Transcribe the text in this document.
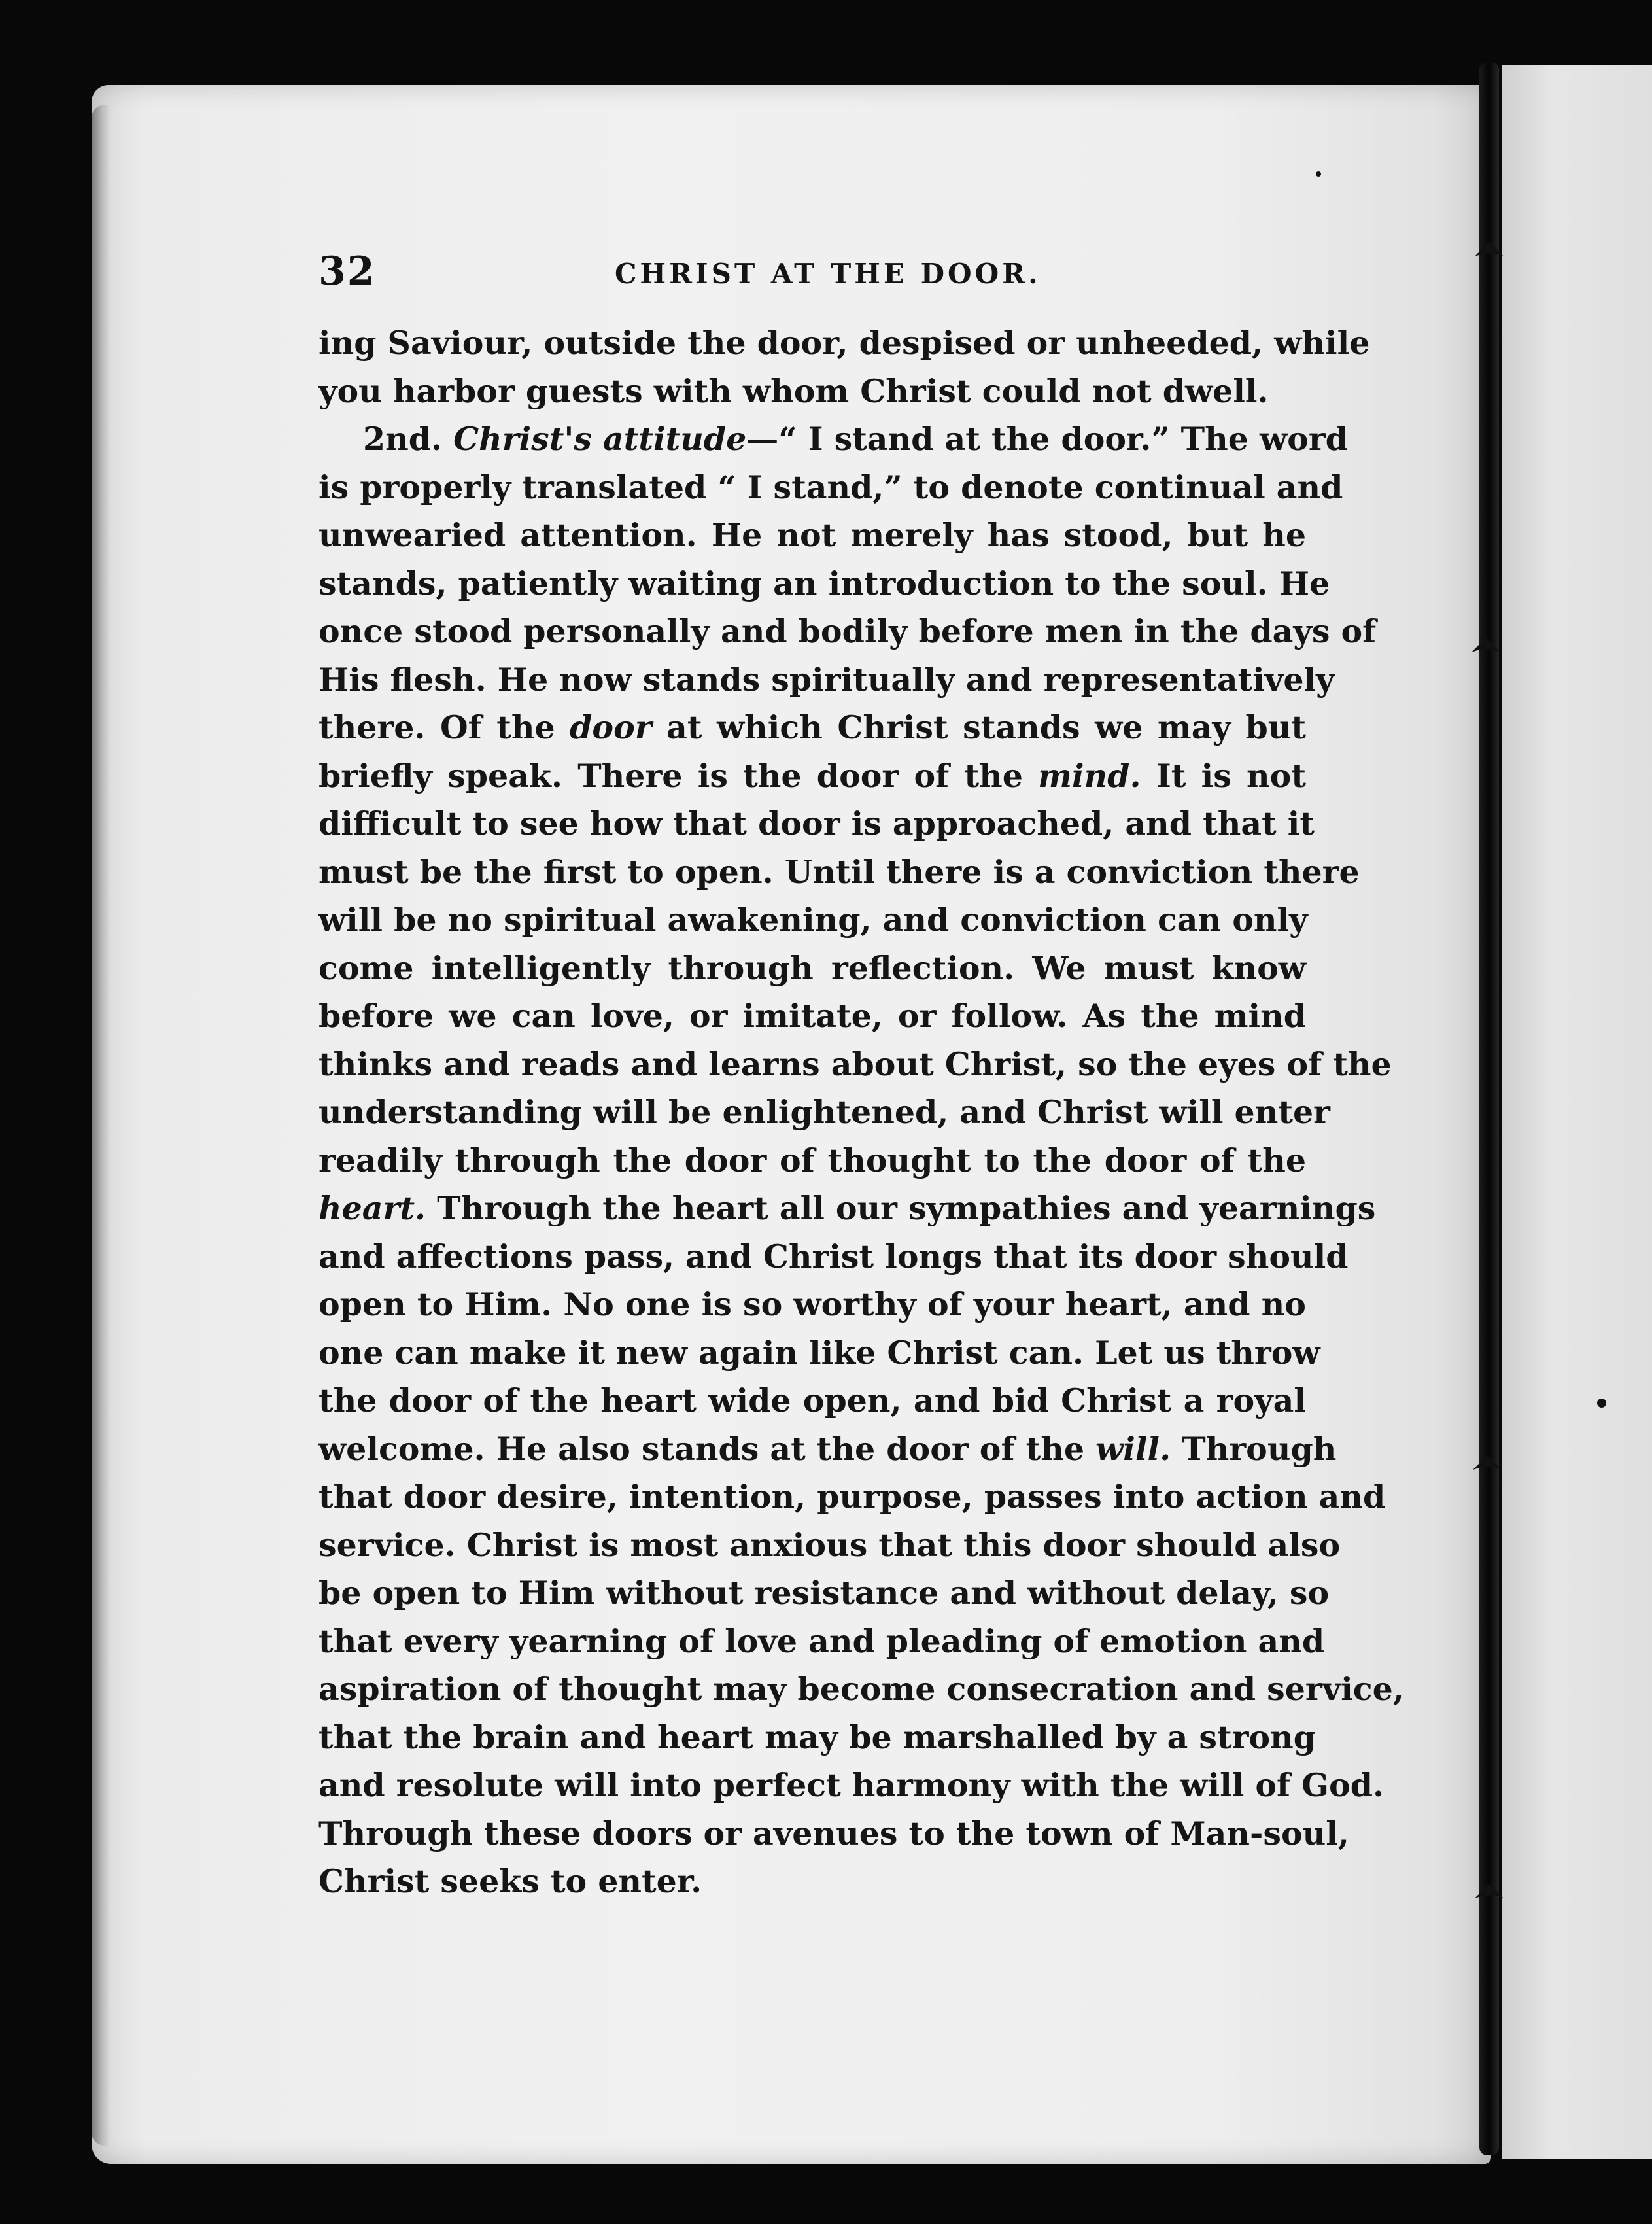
32	CHRIST AT THE DOOR.
ing Saviour, outside the door, despised or unheeded, while
you harbor guests with whom Christ could not dwell.
2nd. Christ's attitude—“ I stand at the door.” The word
is properly translated “ I stand,” to denote continual and
unwearied attention. He not merely has stood, but he
stands, patiently waiting an introduction to the soul. He
once stood personally and bodily before men in the days of
His flesh. He now stands spiritually and representatively
there. Of the door at which Christ stands we may but
briefly speak. There is the door of the mind. It is not
difficult to see how that door is approached, and that it
must be the first to open. Until there is a conviction there
will be no spiritual awakening, and conviction can only
come intelligently through reflection. We must know
before we can love, or imitate, or follow. As the mind
thinks and reads and learns about Christ, so the eyes of the
understanding will be enlightened, and Christ will enter
readily through the door of thought to the door of the
heart. Through the heart all our sympathies and yearnings
and affections pass, and Christ longs that its door should
open to Him. No one is so worthy of your heart, and no
one can make it new again like Christ can. Let us throw
the door of the heart wide open, and bid Christ a royal
welcome. He also stands at the door of the will. Through
that door desire, intention, purpose, passes into action and
service. Christ is most anxious that this door should also
be open to Him without resistance and without delay, so
that every yearning of love and pleading of emotion and
aspiration of thought may become consecration and service,
that the brain and heart may be marshalled by a strong
and resolute will into perfect harmony with the will of God.
Through these doors or avenues to the town of Man-soul,
Christ seeks to enter.
